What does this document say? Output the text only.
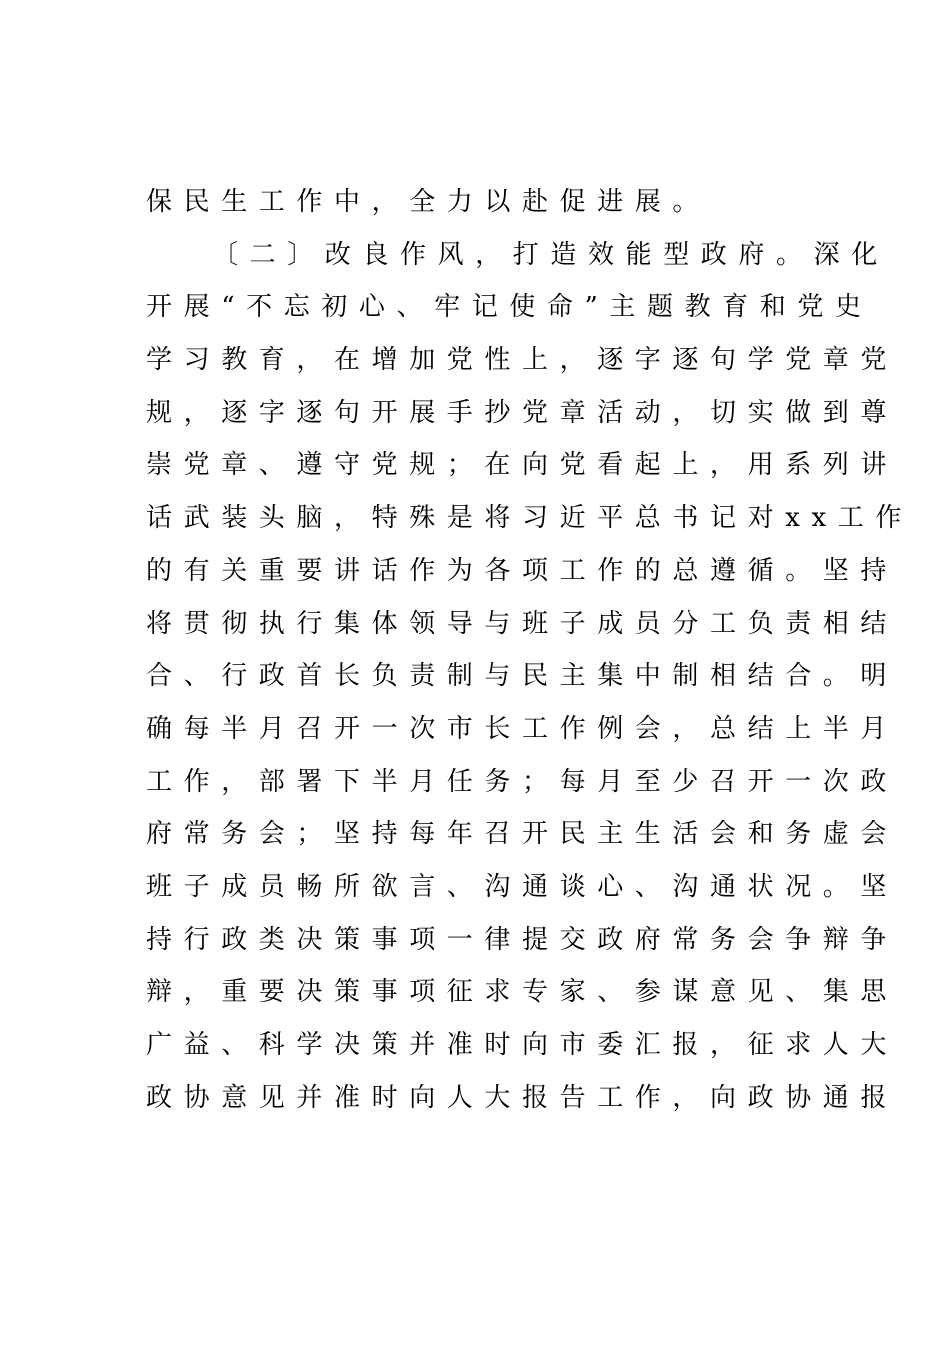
保民生工作中，全力以赴促进展。
〔二〕改良作风，打造效能型政府。深化
开展“不忘初心、牢记使命”主题教育和党史
学习教育，在增加党性上，逐字逐句学党章党
规，逐字逐句开展手抄党章活动，切实做到尊
崇党章、遵守党规；在向党看起上，用系列讲
话武装头脑，特殊是将习近平总书记对xx工作
的有关重要讲话作为各项工作的总遵循。坚持
将贯彻执行集体领导与班子成员分工负责相结
合、行政首长负责制与民主集中制相结合。明
确每半月召开一次市长工作例会，总结上半月
工作，部署下半月任务；每月至少召开一次政
府常务会；坚持每年召开民主生活会和务虚会
班子成员畅所欲言、沟通谈心、沟通状况。坚
持行政类决策事项一律提交政府常务会争辩争
辩，重要决策事项征求专家、参谋意见、集思
广益、科学决策并准时向市委汇报，征求人大
政协意见并准时向人大报告工作，向政协通报
